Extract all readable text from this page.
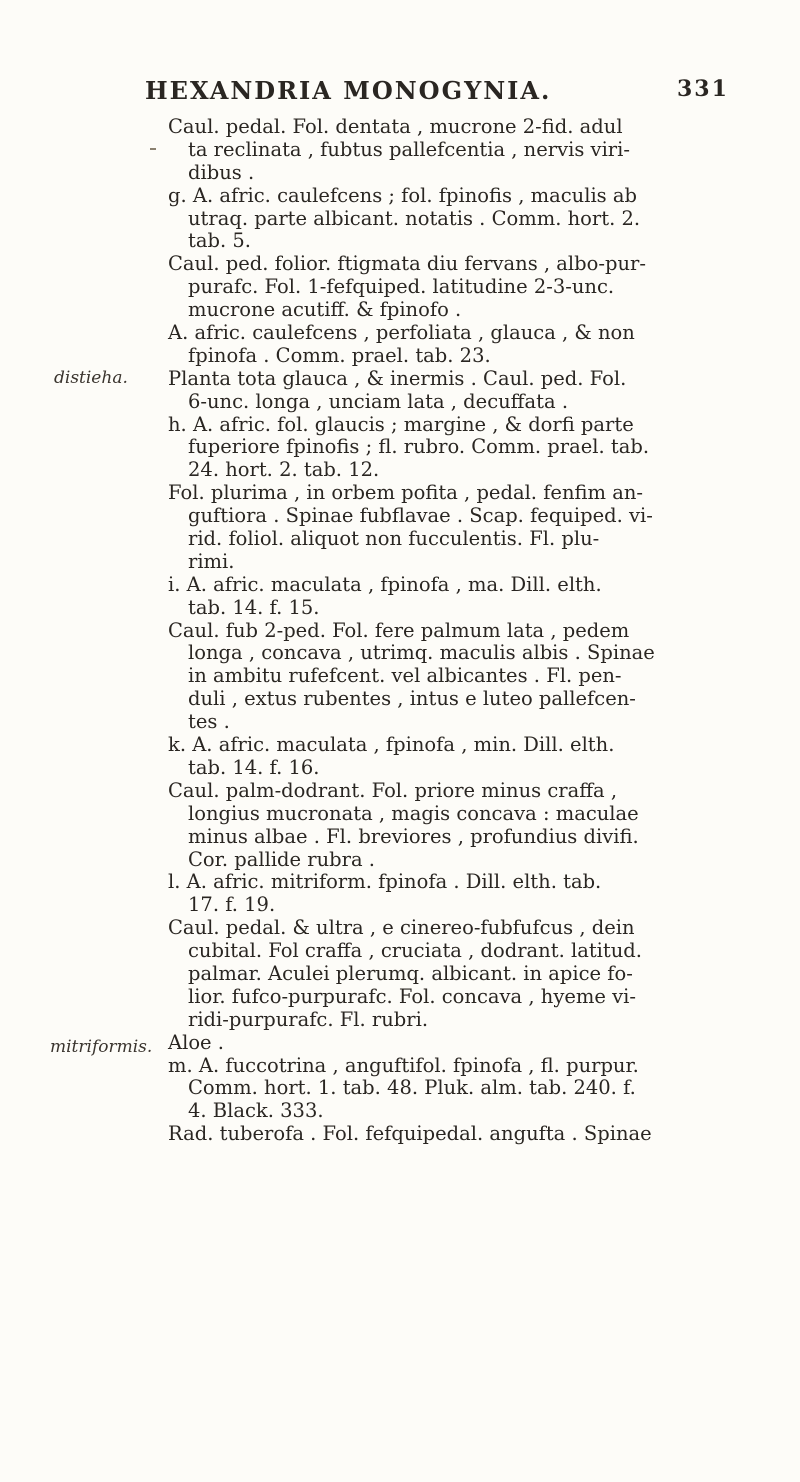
HEXANDRIA MONOGYNIA.	331
distieha.
mitriformis.
Caul. pedal. Fol. dentata , mucrone 2-fid. adul
ta reclinata , fubtus pallefcentia , nervis viri-
dibus .
g. A. afric. caulefcens ; fol. fpinofis , maculis ab
utraq. parte albicant. notatis . Comm. hort. 2.
tab. 5.
Caul. ped. folior. ftigmata diu fervans , albo-pur-
purafc. Fol. 1-fefquiped. latitudine 2-3-unc.
mucrone acutiff. & fpinofo .
A. afric. caulefcens , perfoliata , glauca , & non
fpinofa . Comm. prael. tab. 23.
Planta tota glauca , & inermis . Caul. ped. Fol.
6-unc. longa , unciam lata , decuffata .
h. A. afric. fol. glaucis ; margine , & dorfi parte
fuperiore fpinofis ; fl. rubro. Comm. prael. tab.
24. hort. 2. tab. 12.
Fol. plurima , in orbem pofita , pedal. fenfim an-
guftiora . Spinae fubflavae . Scap. fequiped. vi-
rid. foliol. aliquot non fucculentis. Fl. plu-
rimi.
i. A. afric. maculata , fpinofa , ma. Dill. elth.
tab. 14. f. 15.
Caul. fub 2-ped. Fol. fere palmum lata , pedem
longa , concava , utrimq. maculis albis . Spinae
in ambitu rufefcent. vel albicantes . Fl. pen-
duli , extus rubentes , intus e luteo pallefcen-
tes .
k. A. afric. maculata , fpinofa , min. Dill. elth.
tab. 14. f. 16.
Caul. palm-dodrant. Fol. priore minus craffa ,
longius mucronata , magis concava : maculae
minus albae . Fl. breviores , profundius divifi.
Cor. pallide rubra .
l. A. afric. mitriform. fpinofa . Dill. elth. tab.
17. f. 19.
Caul. pedal. & ultra , e cinereo-fubfufcus , dein
cubital. Fol craffa , cruciata , dodrant. latitud.
palmar. Aculei plerumq. albicant. in apice fo-
lior. fufco-purpurafc. Fol. concava , hyeme vi-
ridi-purpurafc. Fl. rubri.
Aloe .
m. A. fuccotrina , anguftifol. fpinofa , fl. purpur.
Comm. hort. 1. tab. 48. Pluk. alm. tab. 240. f.
4. Black. 333.
Rad. tuberofa . Fol. fefquipedal. angufta . Spinae
